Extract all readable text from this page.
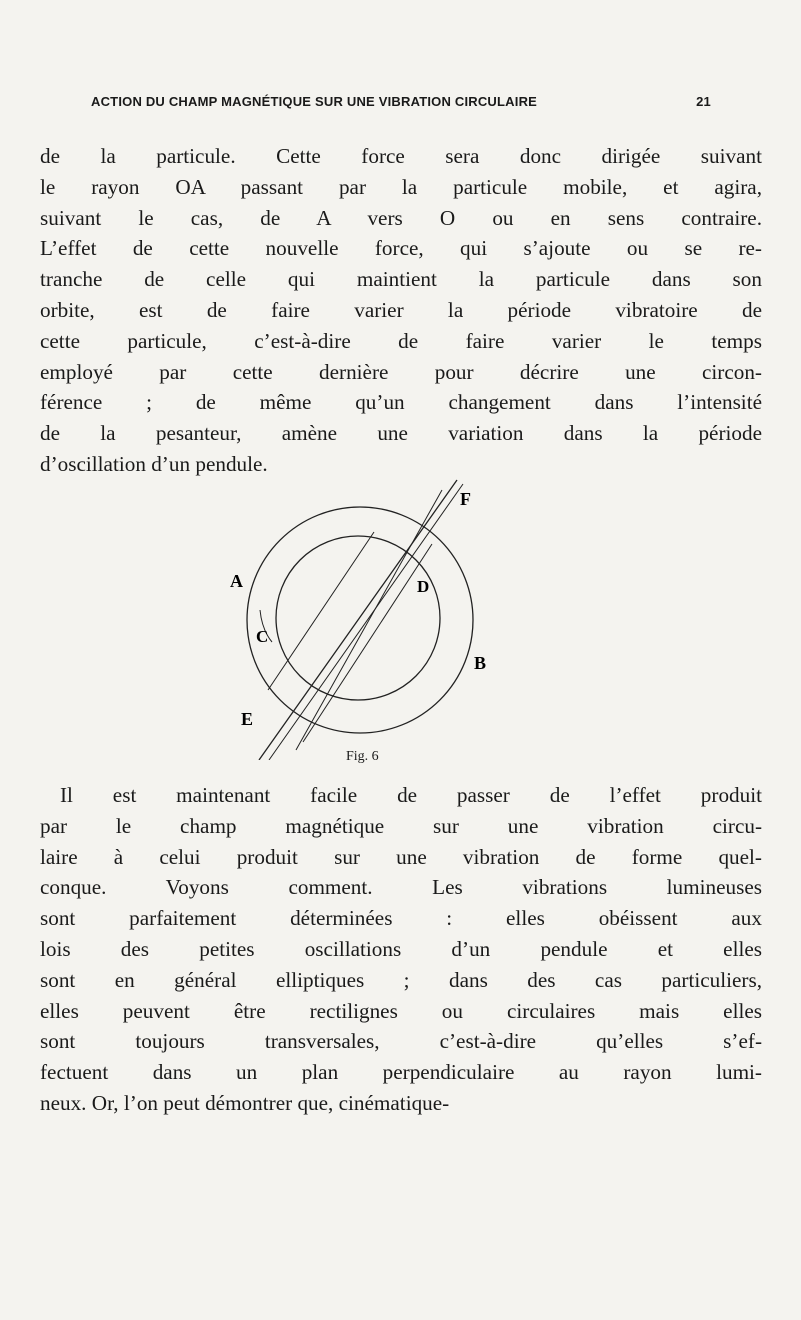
ACTION DU CHAMP MAGNÉTIQUE SUR UNE VIBRATION CIRCULAIRE	21

de la particule. Cette force sera donc dirigée suivant
le rayon OA passant par la particule mobile, et agira,
suivant le cas, de A vers O ou en sens contraire.
L’effet de cette nouvelle force, qui s’ajoute ou se re-
tranche de celle qui maintient la particule dans son
orbite, est de faire varier la période vibratoire de
cette particule, c’est-à-dire de faire varier le temps
employé par cette dernière pour décrire une circon-
férence ; de même qu’un changement dans l’intensité
de la pesanteur, amène une variation dans la période
d’oscillation d’un pendule.

A
C
D
B
E
F
Fig. 6

Il est maintenant facile de passer de l’effet produit
par le champ magnétique sur une vibration circu-
laire à celui produit sur une vibration de forme quel-
conque. Voyons comment. Les vibrations lumineuses
sont parfaitement déterminées : elles obéissent aux
lois des petites oscillations d’un pendule et elles
sont en général elliptiques ; dans des cas particuliers,
elles peuvent être rectilignes ou circulaires mais elles
sont toujours transversales, c’est-à-dire qu’elles s’ef-
fectuent dans un plan perpendiculaire au rayon lumi-
neux. Or, l’on peut démontrer que, cinématique-
